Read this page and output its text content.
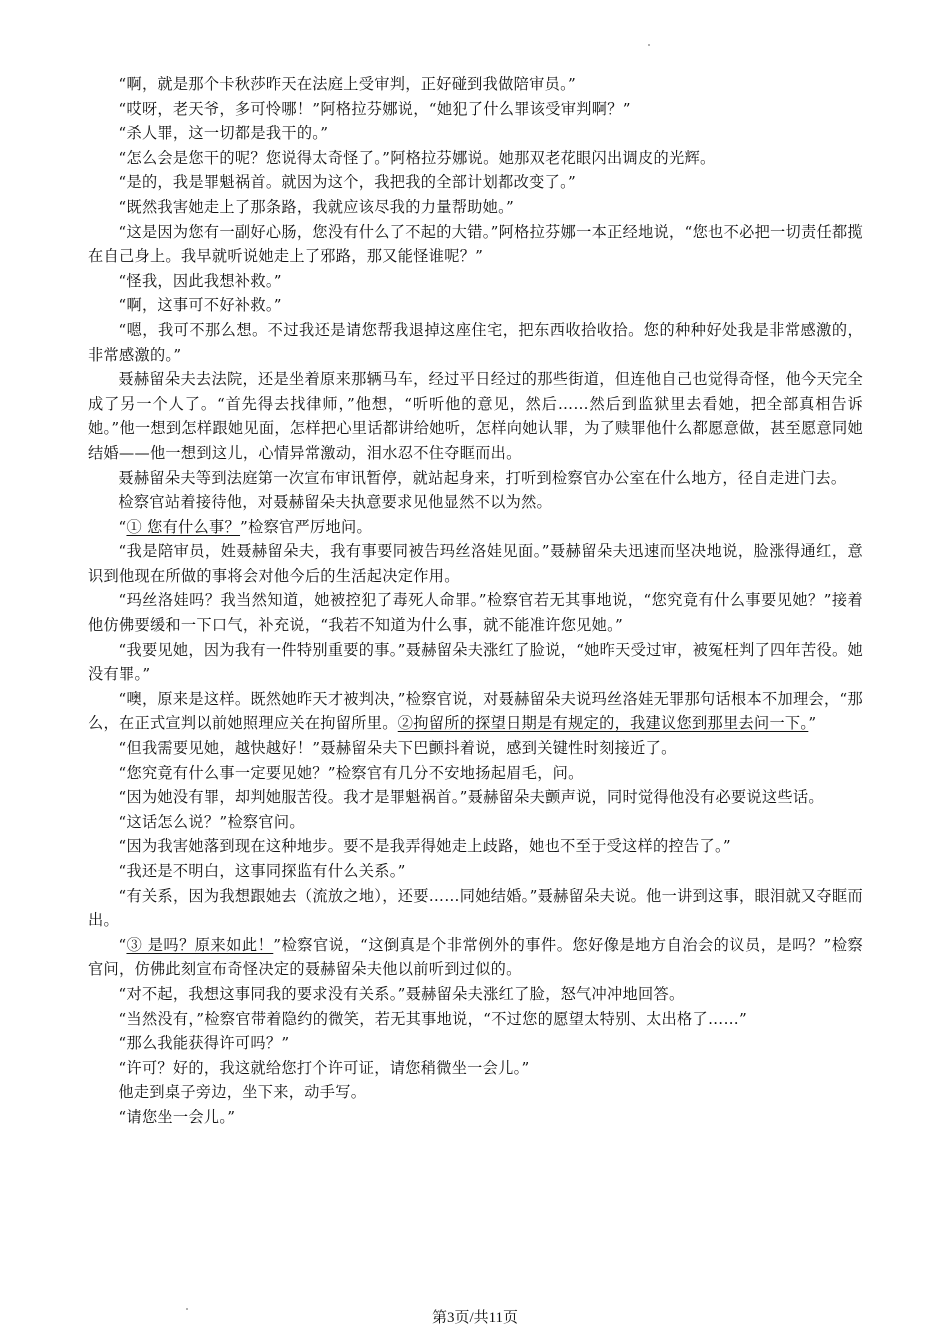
“啊，就是那个卡秋莎昨天在法庭上受审判，正好碰到我做陪审员。”

“哎呀，老天爷，多可怜哪！”阿格拉芬娜说，“她犯了什么罪该受审判啊？”

“杀人罪，这一切都是我干的。”

“怎么会是您干的呢？您说得太奇怪了。”阿格拉芬娜说。她那双老花眼闪出调皮的光辉。

“是的，我是罪魁祸首。就因为这个，我把我的全部计划都改变了。”

“既然我害她走上了那条路，我就应该尽我的力量帮助她。”

“这是因为您有一副好心肠，您没有什么了不起的大错。”阿格拉芬娜一本正经地说，“您也不必把一切责任都揽在自己身上。我早就听说她走上了邪路，那又能怪谁呢？”

“怪我，因此我想补救。”

“啊，这事可不好补救。”

“嗯，我可不那么想。不过我还是请您帮我退掉这座住宅，把东西收拾收拾。您的种种好处我是非常感激的，非常感激的。”

聂赫留朵夫去法院，还是坐着原来那辆马车，经过平日经过的那些街道，但连他自己也觉得奇怪，他今天完全成了另一个人了。“首先得去找律师，”他想，“听听他的意见，然后……然后到监狱里去看她，把全部真相告诉她。”他一想到怎样跟她见面，怎样把心里话都讲给她听，怎样向她认罪，为了赎罪他什么都愿意做，甚至愿意同她结婚——他一想到这儿，心情异常激动，泪水忍不住夺眶而出。

聂赫留朵夫等到法庭第一次宣布审讯暂停，就站起身来，打听到检察官办公室在什么地方，径自走进门去。

检察官站着接待他，对聂赫留朵夫执意要求见他显然不以为然。

“① 您有什么事？”检察官严厉地问。

“我是陪审员，姓聂赫留朵夫，我有事要同被告玛丝洛娃见面。”聂赫留朵夫迅速而坚决地说，脸涨得通红，意识到他现在所做的事将会对他今后的生活起决定作用。

“玛丝洛娃吗？我当然知道，她被控犯了毒死人命罪。”检察官若无其事地说，“您究竟有什么事要见她？”接着他仿佛要缓和一下口气，补充说，“我若不知道为什么事，就不能准许您见她。”

“我要见她，因为我有一件特别重要的事。”聂赫留朵夫涨红了脸说，“她昨天受过审，被冤枉判了四年苦役。她没有罪。”

“噢，原来是这样。既然她昨天才被判决，”检察官说，对聂赫留朵夫说玛丝洛娃无罪那句话根本不加理会，“那么，在正式宣判以前她照理应关在拘留所里。②拘留所的探望日期是有规定的，我建议您到那里去问一下。”

“但我需要见她，越快越好！”聂赫留朵夫下巴颤抖着说，感到关键性时刻接近了。

“您究竟有什么事一定要见她？”检察官有几分不安地扬起眉毛，问。

“因为她没有罪，却判她服苦役。我才是罪魁祸首。”聂赫留朵夫颤声说，同时觉得他没有必要说这些话。

“这话怎么说？”检察官问。

“因为我害她落到现在这种地步。要不是我弄得她走上歧路，她也不至于受这样的控告了。”

“我还是不明白，这事同探监有什么关系。”

“有关系，因为我想跟她去（流放之地），还要……同她结婚。”聂赫留朵夫说。他一讲到这事，眼泪就又夺眶而出。

“③ 是吗？原来如此！”检察官说，“这倒真是个非常例外的事件。您好像是地方自治会的议员，是吗？”检察官问，仿佛此刻宣布奇怪决定的聂赫留朵夫他以前听到过似的。

“对不起，我想这事同我的要求没有关系。”聂赫留朵夫涨红了脸，怒气冲冲地回答。

“当然没有，”检察官带着隐约的微笑，若无其事地说，“不过您的愿望太特别、太出格了……”

“那么我能获得许可吗？”

“许可？好的，我这就给您打个许可证，请您稍微坐一会儿。”

他走到桌子旁边，坐下来，动手写。

“请您坐一会儿。”

第3页/共11页
